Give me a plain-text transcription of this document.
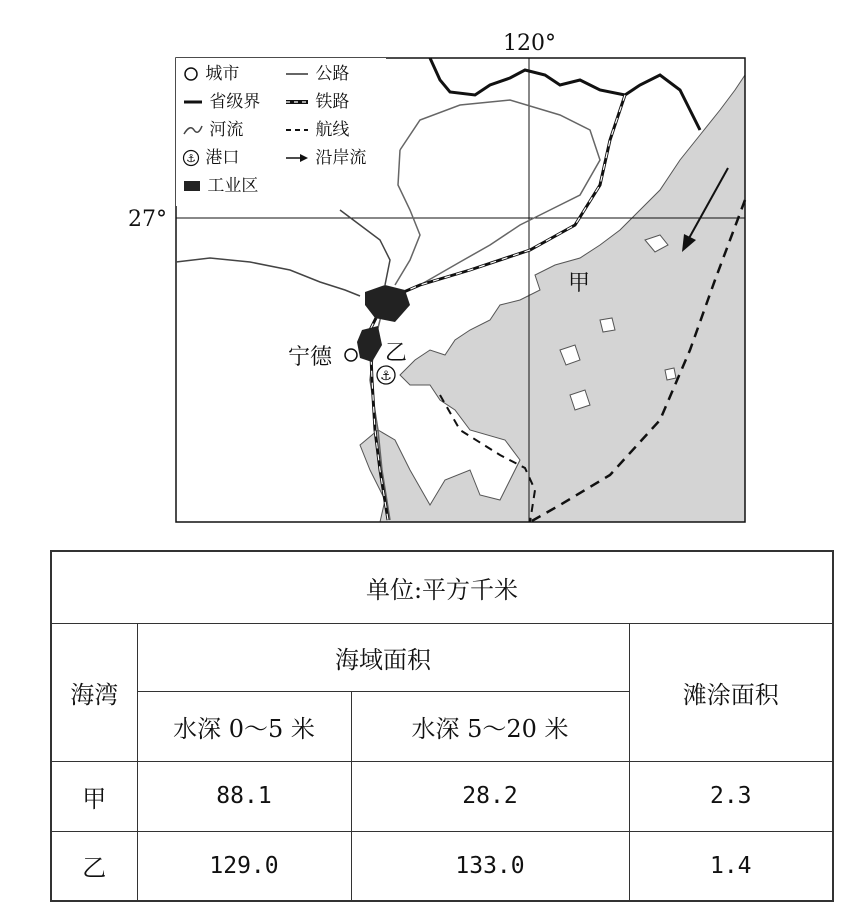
⚓
120°
27°
宁德
甲
乙
城市	公路
省级界	铁路
河流	航线
⚓ 港口	沿岸流
工业区
单位:平方千米			
海湾	海域面积		滩涂面积
	水深 0～5 米	水深 5～20 米	
甲	88.1	28.2	2.3
乙	129.0	133.0	1.4
